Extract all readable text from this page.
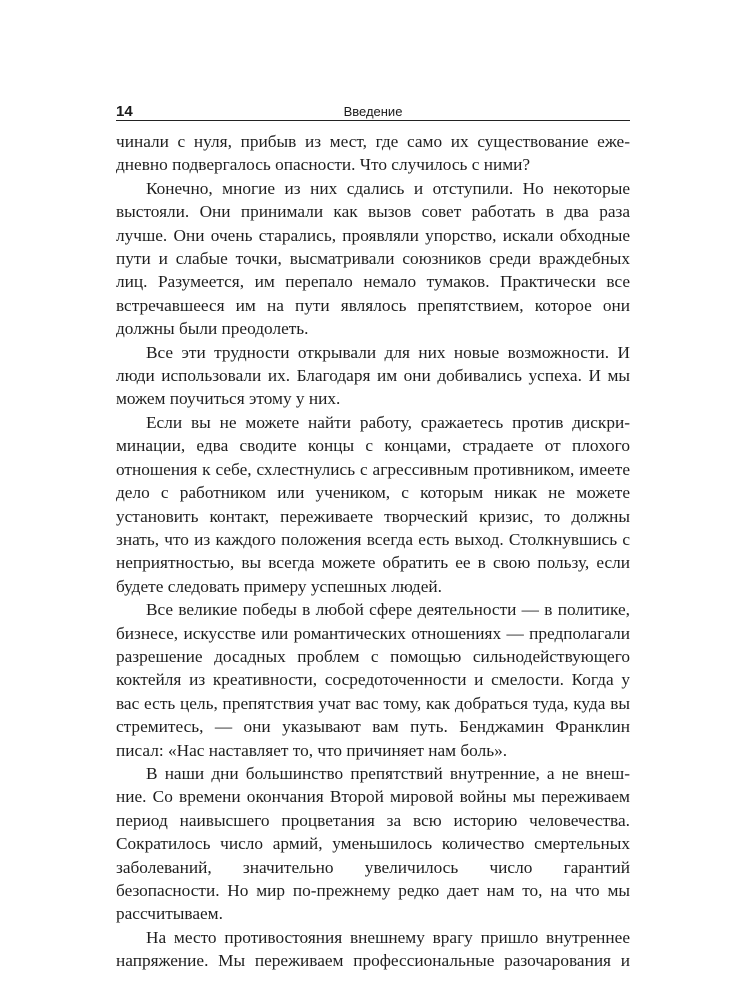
14	Введение

чинали с нуля, прибыв из мест, где само их существование ежедневно подвергалось опасности. Что случилось с ними?

Конечно, многие из них сдались и отступили. Но некоторые выстояли. Они принимали как вызов совет работать в два раза лучше. Они очень старались, проявляли упорство, искали обходные пути и слабые точки, высматривали союзников среди враждебных лиц. Разумеется, им перепало немало тумаков. Практически все встречавшееся им на пути являлось препятствием, которое они должны были преодолеть.

Все эти трудности открывали для них новые возможности. И люди использовали их. Благодаря им они добивались успеха. И мы можем поучиться этому у них.

Если вы не можете найти работу, сражаетесь против дискриминации, едва сводите концы с концами, страдаете от плохого отношения к себе, схлестнулись с агрессивным противником, имеете дело с работником или учеником, с которым никак не можете установить контакт, переживаете творческий кризис, то должны знать, что из каждого положения всегда есть выход. Столкнувшись с неприятностью, вы всегда можете обратить ее в свою пользу, если будете следовать примеру успешных людей.

Все великие победы в любой сфере деятельности — в политике, бизнесе, искусстве или романтических отношениях — предполагали разрешение досадных проблем с помощью сильнодействующего коктейля из креативности, сосредоточенности и смелости. Когда у вас есть цель, препятствия учат вас тому, как добраться туда, куда вы стремитесь, — они указывают вам путь. Бенджамин Франклин писал: «Нас наставляет то, что причиняет нам боль».

В наши дни большинство препятствий внутренние, а не внешние. Со времени окончания Второй мировой войны мы переживаем период наивысшего процветания за всю историю человечества. Сократилось число армий, уменьшилось количество смертельных заболеваний, значительно увеличилось число гарантий безопасности. Но мир по-прежнему редко дает нам то, на что мы рассчитываем.

На место противостояния внешнему врагу пришло внутреннее напряжение. Мы переживаем профессиональные разочарования и
